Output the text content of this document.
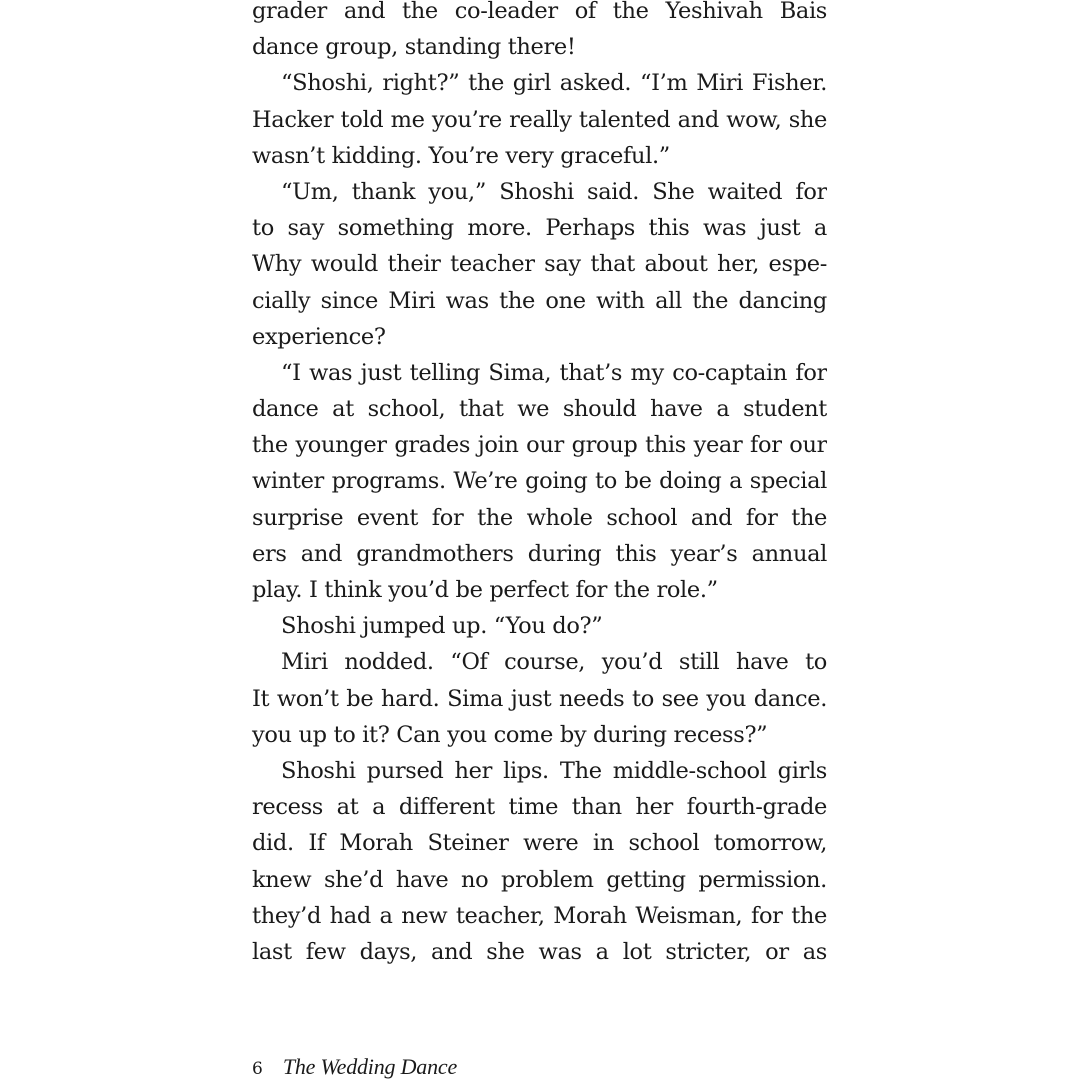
grader and the co-leader of the Yeshivah Bais
dance group, standing there!
“Shoshi, right?” the girl asked. “I’m Miri Fisher.
Hacker told me you’re really talented and wow, she
wasn’t kidding. You’re very graceful.”
“Um, thank you,” Shoshi said. She waited for
to say something more. Perhaps this was just a
Why would their teacher say that about her, espe-
cially since Miri was the one with all the dancing
experience?
“I was just telling Sima, that’s my co-captain for
dance at school, that we should have a student
the younger grades join our group this year for our
winter programs. We’re going to be doing a special
surprise event for the whole school and for the
ers and grandmothers during this year’s annual
play. I think you’d be perfect for the role.”
Shoshi jumped up. “You do?”
Miri nodded. “Of course, you’d still have to
It won’t be hard. Sima just needs to see you dance.
you up to it? Can you come by during recess?”
Shoshi pursed her lips. The middle-school girls
recess at a different time than her fourth-grade
did. If Morah Steiner were in school tomorrow,
knew she’d have no problem getting permission.
they’d had a new teacher, Morah Weisman, for the
last few days, and she was a lot stricter, or as
6 The Wedding Dance
